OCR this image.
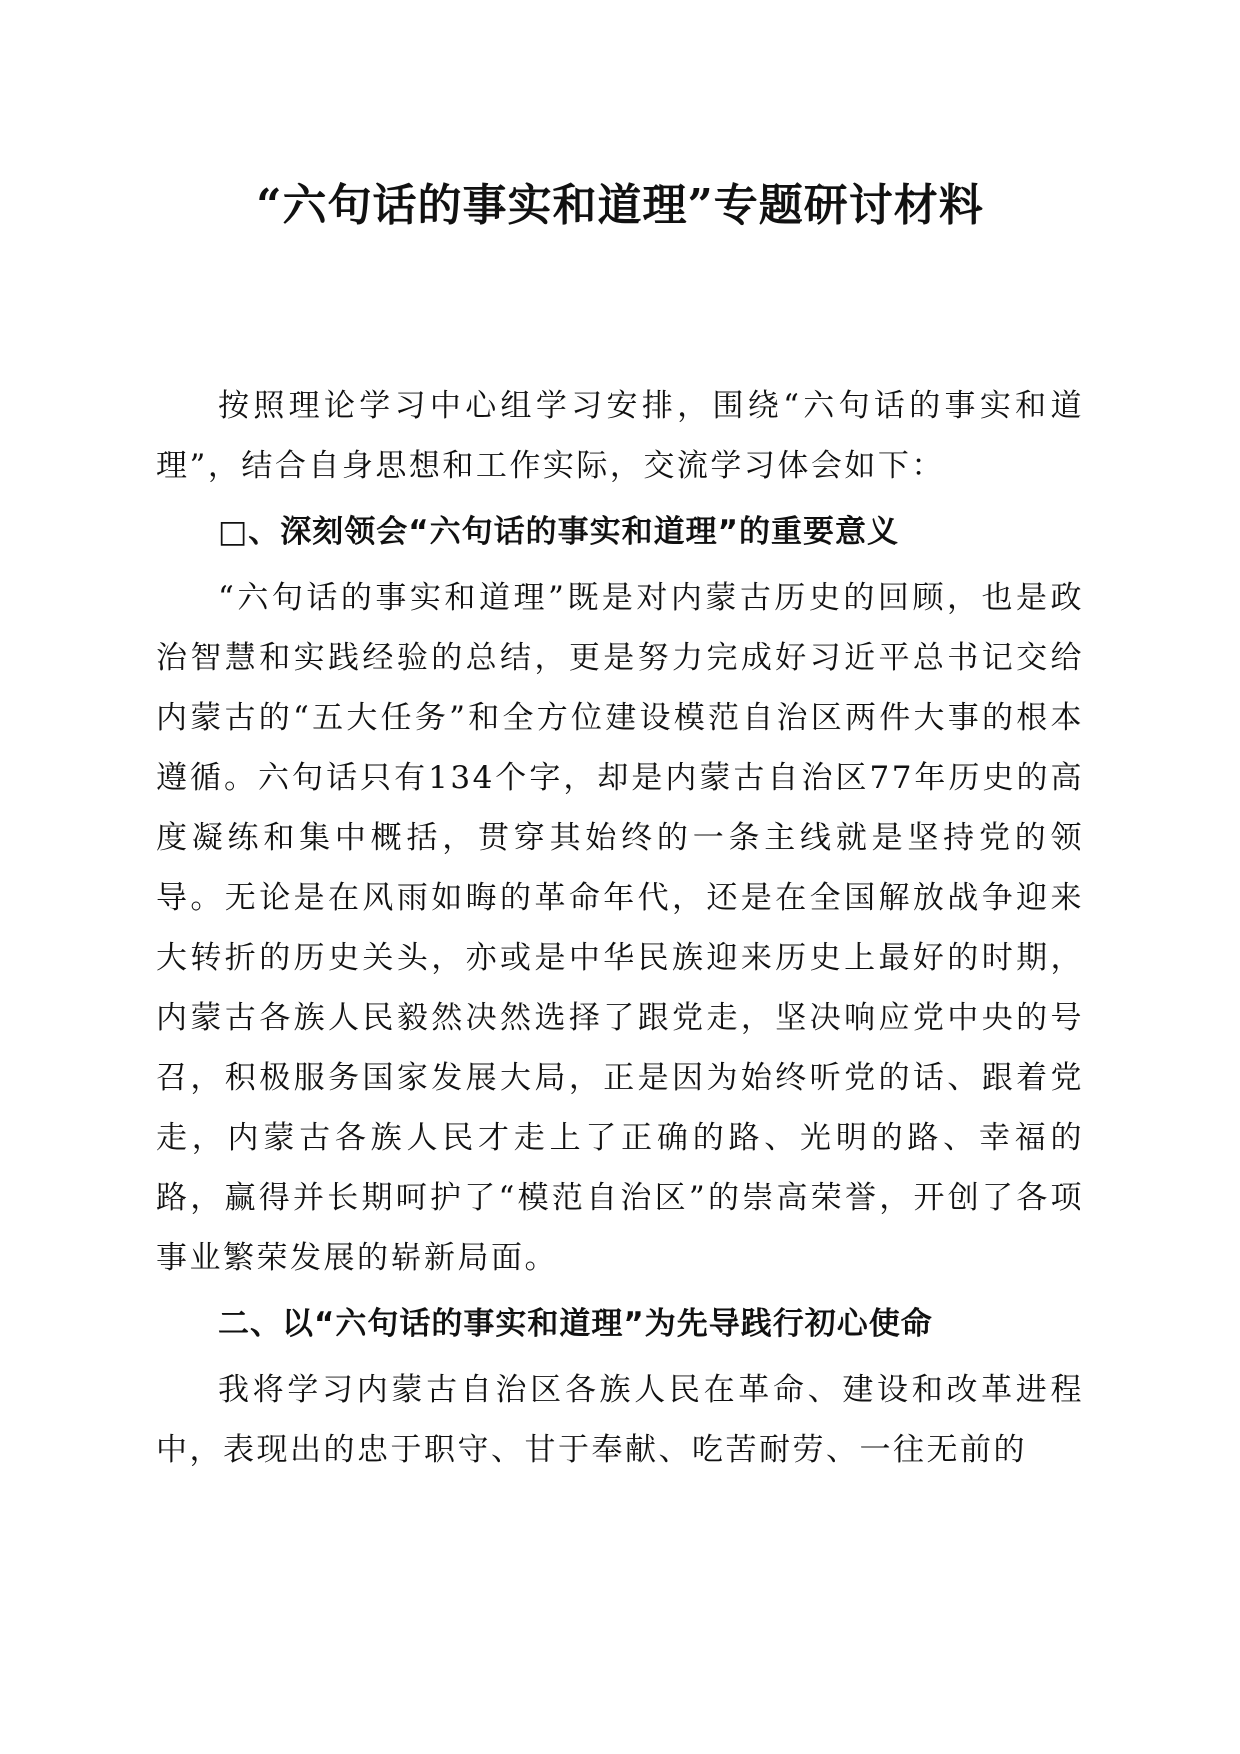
“六句话的事实和道理”专题研讨材料

按照理论学习中心组学习安排，围绕“六句话的事实和道理”，结合自身思想和工作实际，交流学习体会如下：

□、深刻领会“六句话的事实和道理”的重要意义

“六句话的事实和道理”既是对内蒙古历史的回顾，也是政治智慧和实践经验的总结，更是努力完成好习近平总书记交给内蒙古的“五大任务”和全方位建设模范自治区两件大事的根本遵循。六句话只有134个字，却是内蒙古自治区77年历史的高度凝练和集中概括，贯穿其始终的一条主线就是坚持党的领导。无论是在风雨如晦的革命年代，还是在全国解放战争迎来大转折的历史关头，亦或是中华民族迎来历史上最好的时期，内蒙古各族人民毅然决然选择了跟党走，坚决响应党中央的号召，积极服务国家发展大局，正是因为始终听党的话、跟着党走，内蒙古各族人民才走上了正确的路、光明的路、幸福的路，赢得并长期呵护了“模范自治区”的崇高荣誉，开创了各项事业繁荣发展的崭新局面。

二、以“六句话的事实和道理”为先导践行初心使命

我将学习内蒙古自治区各族人民在革命、建设和改革进程中，表现出的忠于职守、甘于奉献、吃苦耐劳、一往无前的
